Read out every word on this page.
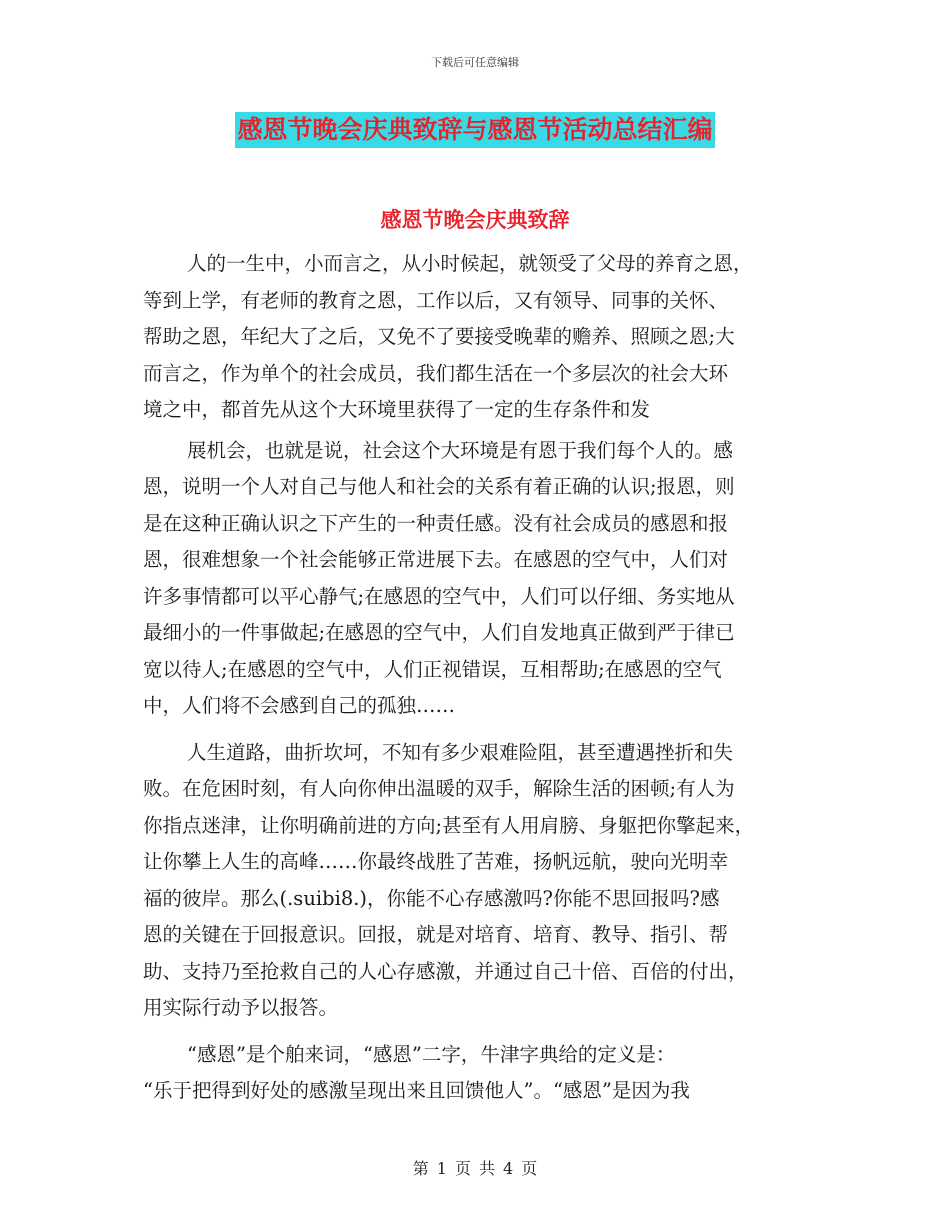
下载后可任意编辑
感恩节晚会庆典致辞与感恩节活动总结汇编
感恩节晚会庆典致辞
人的一生中，小而言之，从小时候起，就领受了父母的养育之恩，
等到上学，有老师的教育之恩，工作以后，又有领导、同事的关怀、
帮助之恩，年纪大了之后，又免不了要接受晚辈的赡养、照顾之恩;大
而言之，作为单个的社会成员，我们都生活在一个多层次的社会大环
境之中，都首先从这个大环境里获得了一定的生存条件和发
展机会，也就是说，社会这个大环境是有恩于我们每个人的。感
恩，说明一个人对自己与他人和社会的关系有着正确的认识;报恩，则
是在这种正确认识之下产生的一种责任感。没有社会成员的感恩和报
恩，很难想象一个社会能够正常进展下去。在感恩的空气中，人们对
许多事情都可以平心静气;在感恩的空气中，人们可以仔细、务实地从
最细小的一件事做起;在感恩的空气中，人们自发地真正做到严于律已
宽以待人;在感恩的空气中，人们正视错误，互相帮助;在感恩的空气
中，人们将不会感到自己的孤独……
人生道路，曲折坎坷，不知有多少艰难险阻，甚至遭遇挫折和失
败。在危困时刻，有人向你伸出温暖的双手，解除生活的困顿;有人为
你指点迷津，让你明确前进的方向;甚至有人用肩膀、身躯把你擎起来，
让你攀上人生的高峰……你最终战胜了苦难，扬帆远航，驶向光明幸
福的彼岸。那么(.suibi8.)，你能不心存感激吗?你能不思回报吗?感
恩的关键在于回报意识。回报，就是对培育、培育、教导、指引、帮
助、支持乃至抢救自己的人心存感激，并通过自己十倍、百倍的付出，
用实际行动予以报答。
“感恩”是个舶来词，“感恩”二字，牛津字典给的定义是：
“乐于把得到好处的感激呈现出来且回馈他人”。“感恩”是因为我
第 1 页 共 4 页
